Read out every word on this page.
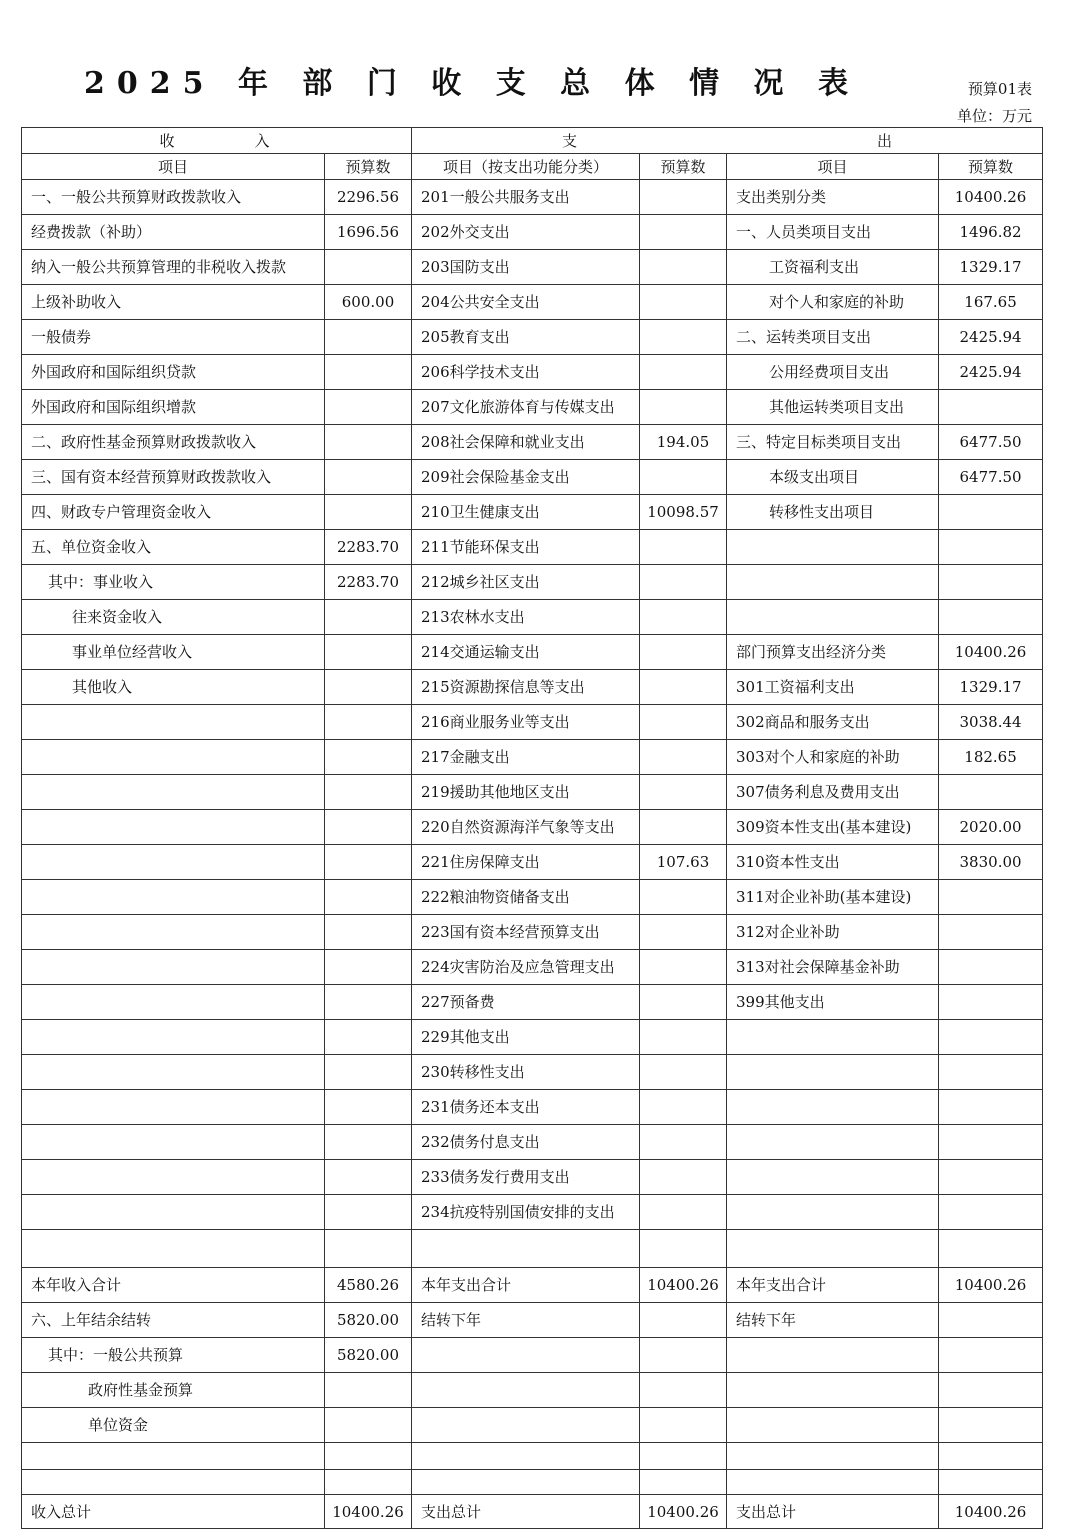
2025 年 部 门 收 支 总 体 情 况 表	预算01表
单位：万元
收　　　　入		支 出			

项目	预算数	项目（按支出功能分类）	预算数	项目	预算数
一、一般公共预算财政拨款收入	2296.56	201一般公共服务支出		支出类别分类	10400.26
经费拨款（补助）	1696.56	202外交支出		一、人员类项目支出	1496.82
纳入一般公共预算管理的非税收入拨款		203国防支出		工资福利支出	1329.17
上级补助收入	600.00	204公共安全支出		对个人和家庭的补助	167.65
一般债券		205教育支出		二、运转类项目支出	2425.94
外国政府和国际组织贷款		206科学技术支出		公用经费项目支出	2425.94
外国政府和国际组织增款		207文化旅游体育与传媒支出		其他运转类项目支出	
二、政府性基金预算财政拨款收入		208社会保障和就业支出	194.05	三、特定目标类项目支出	6477.50
三、国有资本经营预算财政拨款收入		209社会保险基金支出		本级支出项目	6477.50
四、财政专户管理资金收入		210卫生健康支出	10098.57	转移性支出项目	
五、单位资金收入	2283.70	211节能环保支出			
其中：事业收入	2283.70	212城乡社区支出			
往来资金收入		213农林水支出			
事业单位经营收入		214交通运输支出		部门预算支出经济分类	10400.26
其他收入		215资源勘探信息等支出		301工资福利支出	1329.17
		216商业服务业等支出		302商品和服务支出	3038.44
		217金融支出		303对个人和家庭的补助	182.65
		219援助其他地区支出		307债务利息及费用支出	
		220自然资源海洋气象等支出		309资本性支出(基本建设)	2020.00
		221住房保障支出	107.63	310资本性支出	3830.00
		222粮油物资储备支出		311对企业补助(基本建设)	
		223国有资本经营预算支出		312对企业补助	
		224灾害防治及应急管理支出		313对社会保障基金补助	
		227预备费		399其他支出	
		229其他支出			
		230转移性支出			
		231债务还本支出			
		232债务付息支出			
		233债务发行费用支出			
		234抗疫特别国债安排的支出			

本年收入合计	4580.26	本年支出合计	10400.26	本年支出合计	10400.26
六、上年结余结转	5820.00	结转下年		结转下年	
其中：一般公共预算	5820.00				
政府性基金预算					
单位资金					

收入总计	10400.26	支出总计	10400.26	支出总计	10400.26
